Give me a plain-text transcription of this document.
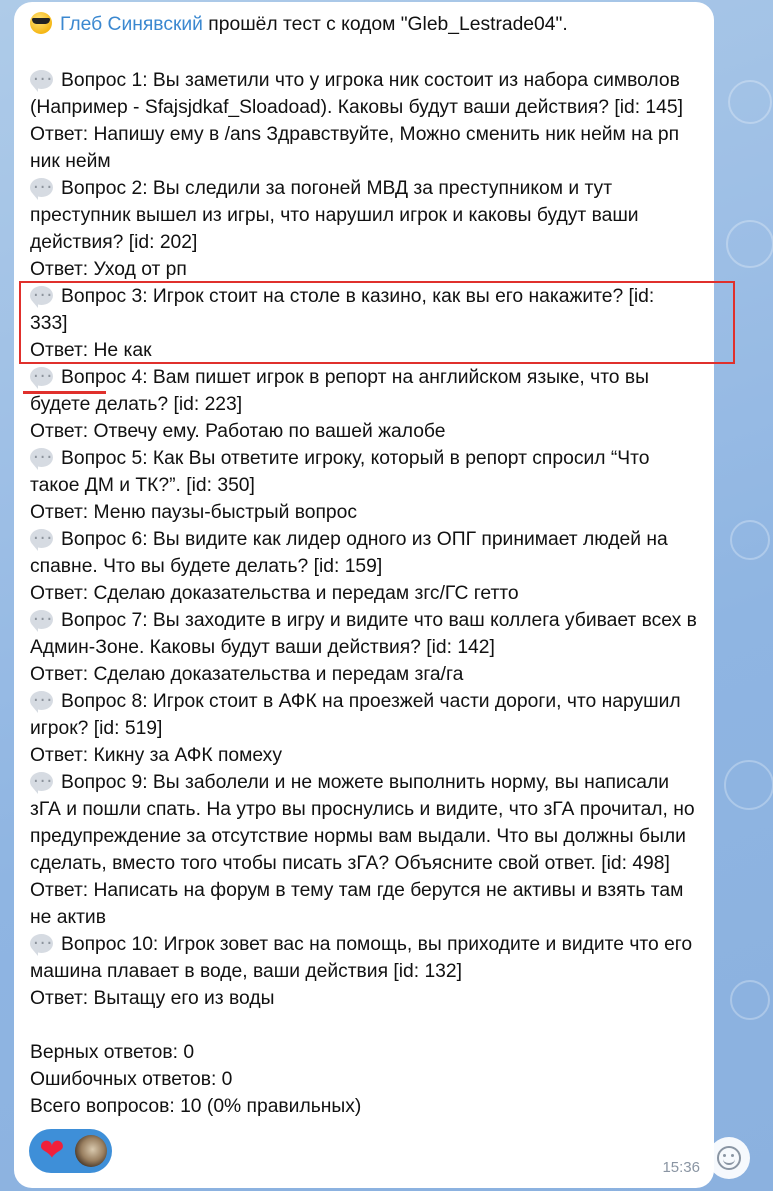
Глеб Синявский прошёл тест с кодом "Gleb_Lestrade04".
···Вопрос 1: Вы заметили что у игрока ник состоит из набора символов
(Например - Sfajsjdkaf_Sloadoad). Каковы будут ваши действия? [id: 145]
Ответ: Напишу ему в /ans Здравствуйте, Можно сменить ник нейм на рп
ник нейм
···Вопрос 2: Вы следили за погоней МВД за преступником и тут
преступник вышел из игры, что нарушил игрок и каковы будут ваши
действия? [id: 202]
Ответ: Уход от рп
···Вопрос 3: Игрок стоит на столе в казино, как вы его накажите? [id:
333]
Ответ: Не как
···Вопрос 4: Вам пишет игрок в репорт на английском языке, что вы
будете делать? [id: 223]
Ответ: Отвечу ему. Работаю по вашей жалобе
···Вопрос 5: Как Вы ответите игроку, который в репорт спросил “Что
такое ДМ и ТК?”. [id: 350]
Ответ: Меню паузы-быстрый вопрос
···Вопрос 6: Вы видите как лидер одного из ОПГ принимает людей на
спавне. Что вы будете делать? [id: 159]
Ответ: Сделаю доказательства и передам згс/ГС гетто
···Вопрос 7: Вы заходите в игру и видите что ваш коллега убивает всех в
Админ-Зоне. Каковы будут ваши действия? [id: 142]
Ответ: Сделаю доказательства и передам зга/га
···Вопрос 8: Игрок стоит в АФК на проезжей части дороги, что нарушил
игрок? [id: 519]
Ответ: Кикну за АФК помеху
···Вопрос 9: Вы заболели и не можете выполнить норму, вы написали
зГА и пошли спать. На утро вы проснулись и видите, что зГА прочитал, но
предупреждение за отсутствие нормы вам выдали. Что вы должны были
сделать, вместо того чтобы писать зГА? Объясните свой ответ. [id: 498]
Ответ: Написать на форум в тему там где берутся не активы и взять там
не актив
···Вопрос 10: Игрок зовет вас на помощь, вы приходите и видите что его
машина плавает в воде, ваши действия [id: 132]
Ответ: Вытащу его из воды
Верных ответов: 0
Ошибочных ответов: 0
Всего вопросов: 10 (0% правильных)
❤	15:36
